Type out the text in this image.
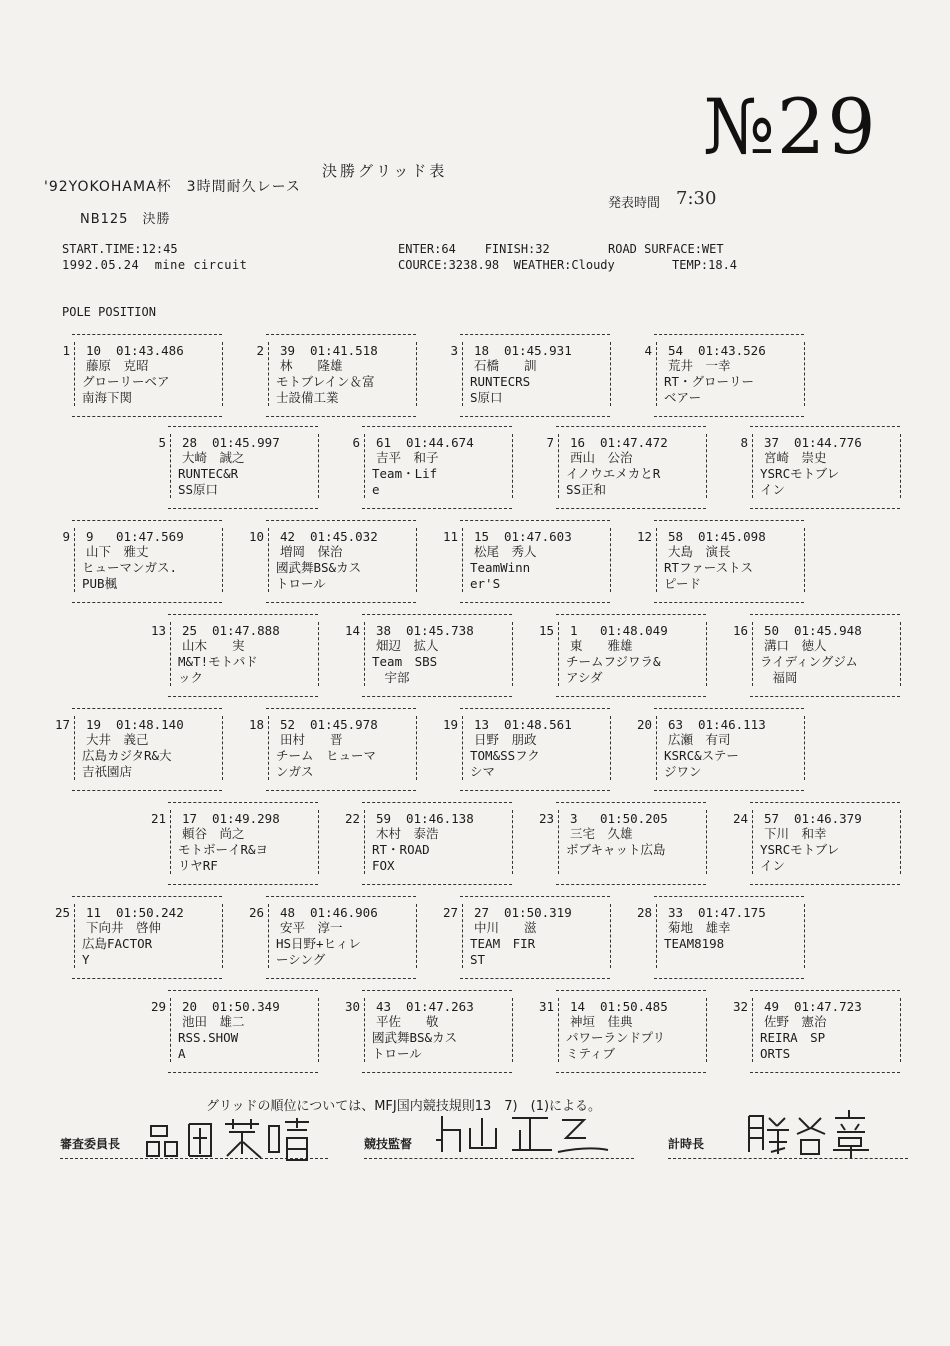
№29
決勝グリッド表
'92YOKOHAMA杯　3時間耐久レース
NB125　決勝
発表時間 7:30
START.TIME:12:45
1992.05.24  mine circuit
ENTER:64    FINISH:32	ROAD SURFACE:WET
COURCE:3238.98  WEATHER:Cloudy	TEMP:18.4
POLE POSITION
1 10
藤原　克昭
グローリーベア
南海下関
01:43.486	2 39
林　　隆雄
モトブレイン＆富
士設備工業
01:41.518	3 18
石橋　　訓
RUNTECRS
S原口
01:45.931	4 54
荒井　一幸
RT・グローリー
ベアー
01:43.526
5 28
大崎　誠之
RUNTEC&R
SS原口
01:45.997	6 61
吉平　和子
Team・Lif
e
01:44.674	7 16
西山　公治
イノウエメカとR
SS正和
01:47.472	8 37
宮崎　崇史
YSRCモトブレ
イン
01:44.776
9 9
山下　雅丈
ヒューマンガス.
PUB楓
01:47.569	10 42
増岡　保治
國武舞BS&カス
トロール
01:45.032	11 15
松尾　秀人
TeamWinn
er'S
01:47.603	12 58
大島　演長
RTファーストス
ピード
01:45.098
13 25
山木　　実
M&T!モトパド
ック
01:47.888	14 38
畑辺　拡人
Team　SBS
　宇部
01:45.738	15 1
東　　雅雄
チームフジワラ&
アシダ
01:48.049	16 50
溝口　徳人
ライディングジム
　福岡
01:45.948
17 19
大井　義己
広島カジタR&大
吉祇園店
01:48.140	18 52
田村　　晋
チーム　ヒューマ
ンガス
01:45.978	19 13
日野　朋政
TOM&SSフク
シマ
01:48.561	20 63
広瀬　有司
KSRC&ステー
ジワン
01:46.113
21 17
頼谷　尚之
モトボーイR&ヨ
リヤRF
01:49.298	22 59
木村　泰浩
RT・ROAD
FOX
01:46.138	23 3
三宅　久雄
ボブキャット広島
01:50.205	24 57
下川　和幸
YSRCモトブレ
イン
01:46.379
25 11
下向井　啓伸
広島FACTOR
Y
01:50.242	26 48
安平　淳一
HS日野+ヒィレ
ーシング
01:46.906	27 27
中川　　滋
TEAM　FIR
ST
01:50.319	28 33
菊地　雄幸
TEAM8198
01:47.175
29 20
池田　雄二
RSS.SHOW
A
01:50.349	30 43
平佐　　敬
國武舞BS&カス
トロール
01:47.263	31 14
神垣　佳典
パワーランドプリ
ミティブ
01:50.485	32 49
佐野　憲治
REIRA　SP
ORTS
01:47.723
グリッドの順位については、MFJ国内競技規則13　7)　(1)による。
審査委員長	競技監督	計時長
